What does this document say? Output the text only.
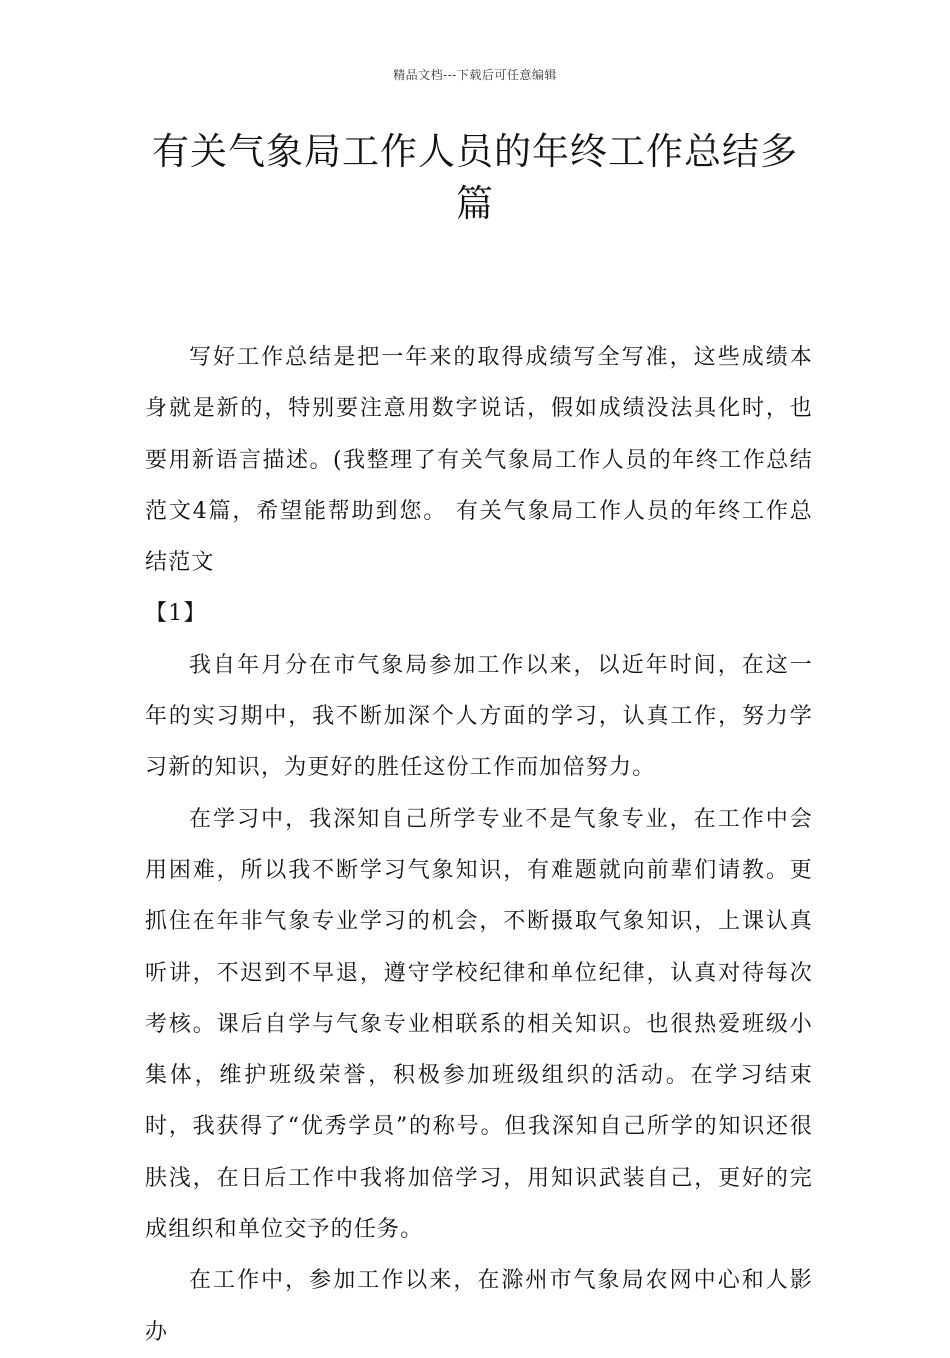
精品文档---下载后可任意编辑
有关气象局工作人员的年终工作总结多篇

写好工作总结是把一年来的取得成绩写全写准，这些成绩本身就是新的，特别要注意用数字说话，假如成绩没法具化时，也要用新语言描述。(我整理了有关气象局工作人员的年终工作总结范文4篇，希望能帮助到您。 有关气象局工作人员的年终工作总结范文
【1】

我自年月分在市气象局参加工作以来，以近年时间，在这一年的实习期中，我不断加深个人方面的学习，认真工作，努力学习新的知识，为更好的胜任这份工作而加倍努力。

在学习中，我深知自己所学专业不是气象专业，在工作中会用困难，所以我不断学习气象知识，有难题就向前辈们请教。更抓住在年非气象专业学习的机会，不断摄取气象知识，上课认真听讲，不迟到不早退，遵守学校纪律和单位纪律，认真对待每次考核。课后自学与气象专业相联系的相关知识。也很热爱班级小集体，维护班级荣誉，积极参加班级组织的活动。在学习结束时，我获得了“优秀学员”的称号。但我深知自己所学的知识还很肤浅，在日后工作中我将加倍学习，用知识武装自己，更好的完成组织和单位交予的任务。

在工作中，参加工作以来，在滁州市气象局农网中心和人影办
